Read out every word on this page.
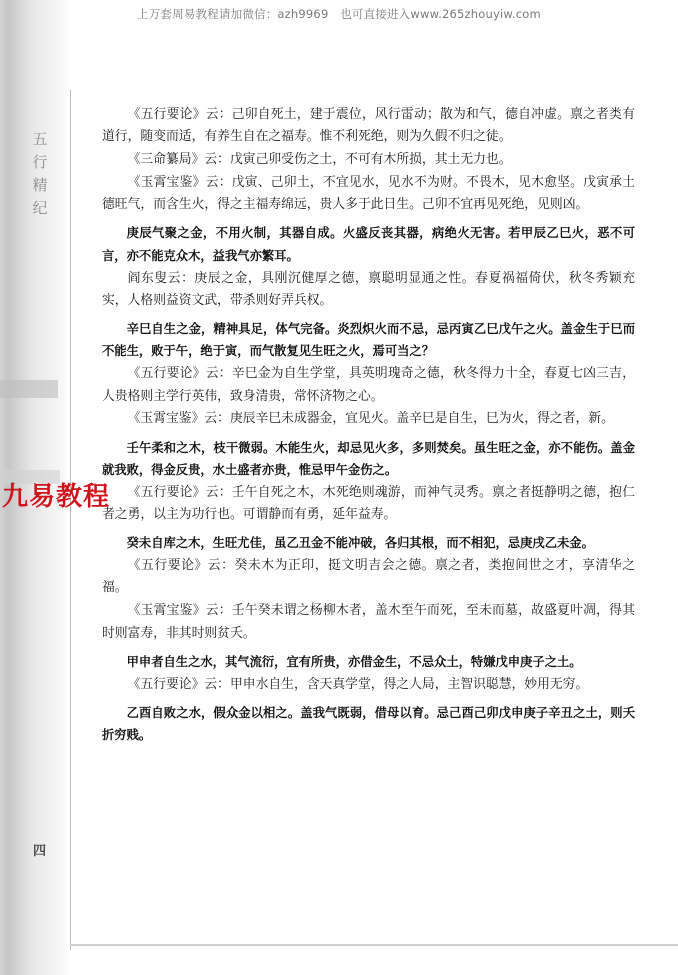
上万套周易教程请加微信：azh9969　也可直接进入www.265zhouyiw.com
五行精纪
四

《五行要论》云：己卯自死土，建于震位，风行雷动；散为和气，德自冲虚。禀之者类有道行，随变而适，有养生自在之福寿。惟不利死绝，则为久假不归之徒。

《三命纂局》云：戊寅己卯受伤之土，不可有木所损，其土无力也。

《玉霄宝鉴》云：戊寅、己卯土，不宜见水，见水不为财。不畏木，见木愈坚。戊寅承土德旺气，而含生火，得之主福寿绵远，贵人多于此日生。己卯不宜再见死绝，见则凶。

庚辰气聚之金，不用火制，其器自成。火盛反丧其器，病绝火无害。若甲辰乙巳火，恶不可言，亦不能克众木，益我气亦繁耳。

阎东叟云：庚辰之金，具刚沉健厚之德，禀聪明显通之性。春夏祸福倚伏，秋冬秀颖充实，人格则益资文武，带杀则好弄兵权。

辛巳自生之金，精神具足，体气完备。炎烈炽火而不忌，忌丙寅乙巳戊午之火。盖金生于巳而不能生，败于午，绝于寅，而气散复见生旺之火，焉可当之？

《五行要论》云：辛巳金为自生学堂，具英明瑰奇之德，秋冬得力十全，春夏七凶三吉，人贵格则主学行英伟，致身清贵，常怀济物之心。

《玉霄宝鉴》云：庚辰辛巳未成器金，宜见火。盖辛巳是自生，巳为火，得之者，新。

壬午柔和之木，枝干微弱。木能生火，却忌见火多，多则焚矣。虽生旺之金，亦不能伤。盖金就我败，得金反贵，水土盛者亦贵，惟忌甲午金伤之。

《五行要论》云：壬午自死之木，木死绝则魂游，而神气灵秀。禀之者挺静明之德，抱仁者之勇，以主为功行也。可谓静而有勇，延年益寿。

癸未自库之木，生旺尤佳，虽乙丑金不能冲破，各归其根，而不相犯，忌庚戌乙未金。

《五行要论》云：癸未木为正印，挺文明吉会之德。禀之者，类抱间世之才，享清华之福。

《玉霄宝鉴》云：壬午癸未谓之杨柳木者，盖木至午而死，至未而墓，故盛夏叶凋，得其时则富寿，非其时则贫夭。

甲申者自生之水，其气流衍，宜有所贵，亦借金生，不忌众土，特嫌戊申庚子之土。

《五行要论》云：甲申水自生，含天真学堂，得之人局，主智识聪慧，妙用无穷。

乙酉自败之水，假众金以相之。盖我气既弱，借母以育。忌己酉己卯戊申庚子辛丑之土，则夭折穷贱。

九易教程
